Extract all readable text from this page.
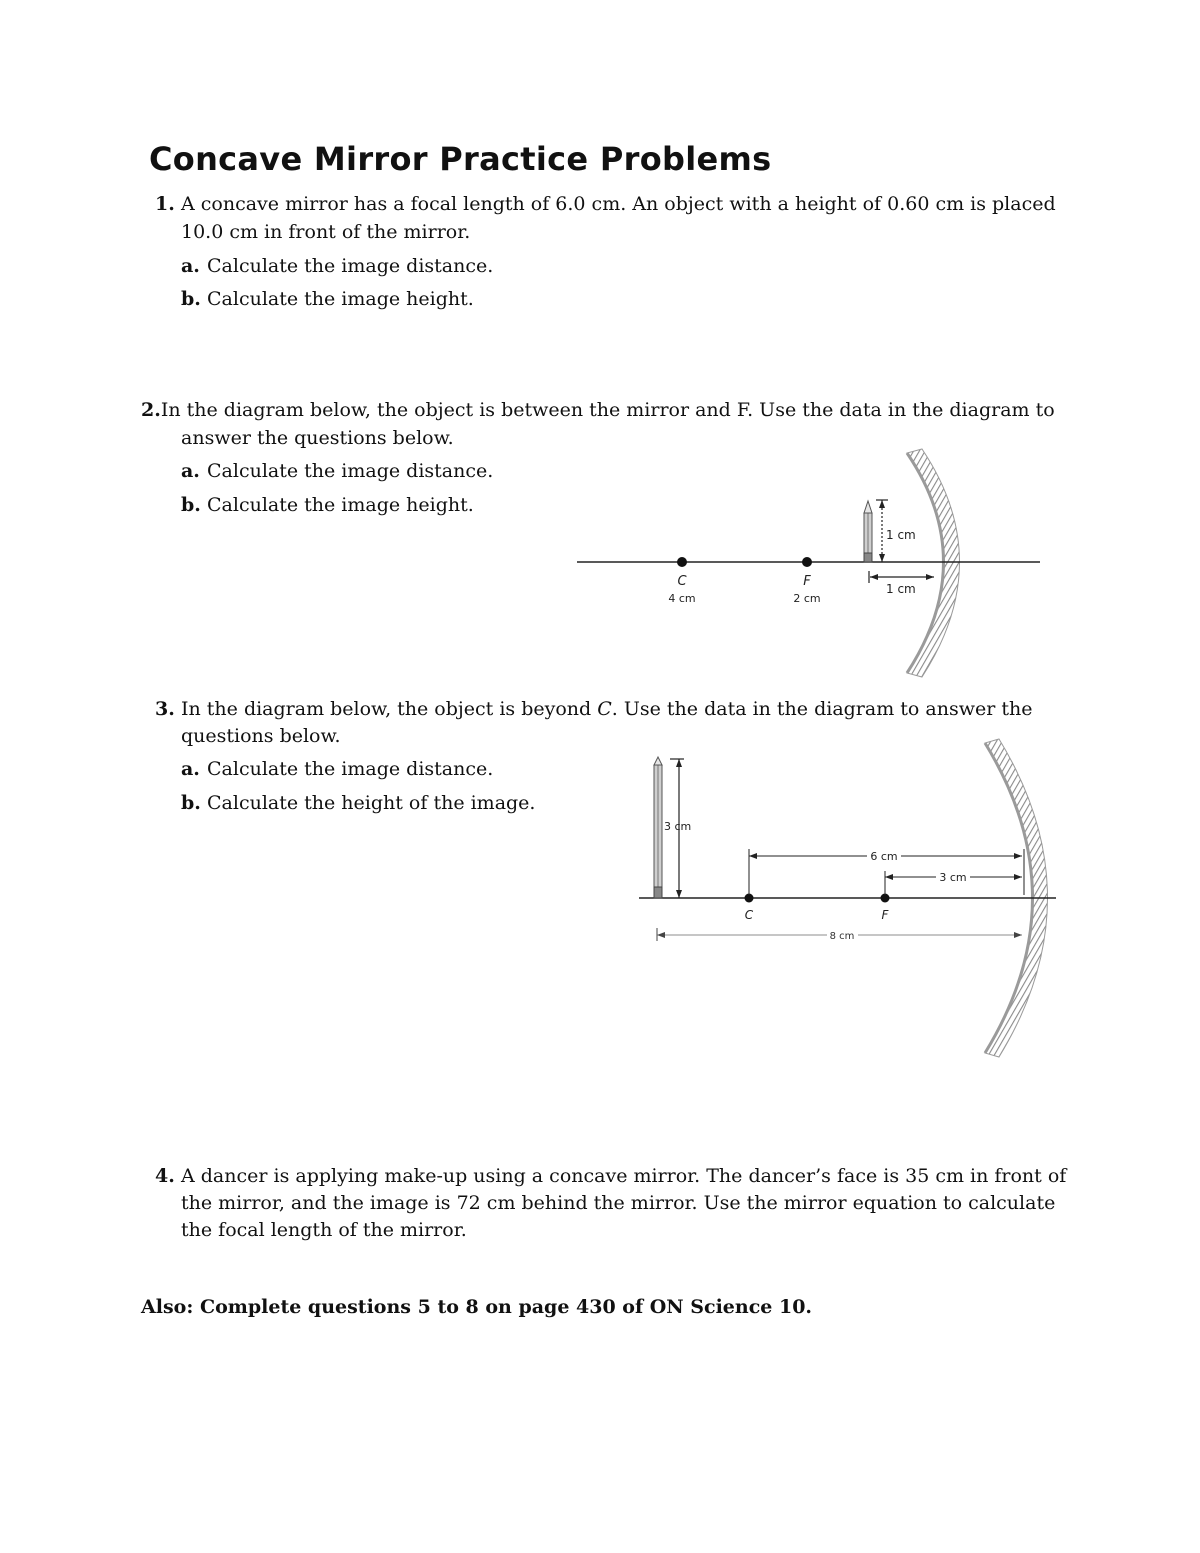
Concave Mirror Practice Problems
1. A concave mirror has a focal length of 6.0 cm. An object with a height of 0.60 cm is placed
10.0 cm in front of the mirror.
a. Calculate the image distance.
b. Calculate the image height.
2.In the diagram below, the object is between the mirror and F. Use the data in the diagram to
answer the questions below.
a. Calculate the image distance.
b. Calculate the image height.
C
4 cm
F
2 cm
1 cm
1 cm
3. In the diagram below, the object is beyond C. Use the data in the diagram to answer the
questions below.
a. Calculate the image distance.
b. Calculate the height of the image.
3 cm
C	F
6 cm
3 cm
8 cm
4. A dancer is applying make-up using a concave mirror. The dancer’s face is 35 cm in front of
the mirror, and the image is 72 cm behind the mirror. Use the mirror equation to calculate
the focal length of the mirror.
Also: Complete questions 5 to 8 on page 430 of ON Science 10.
